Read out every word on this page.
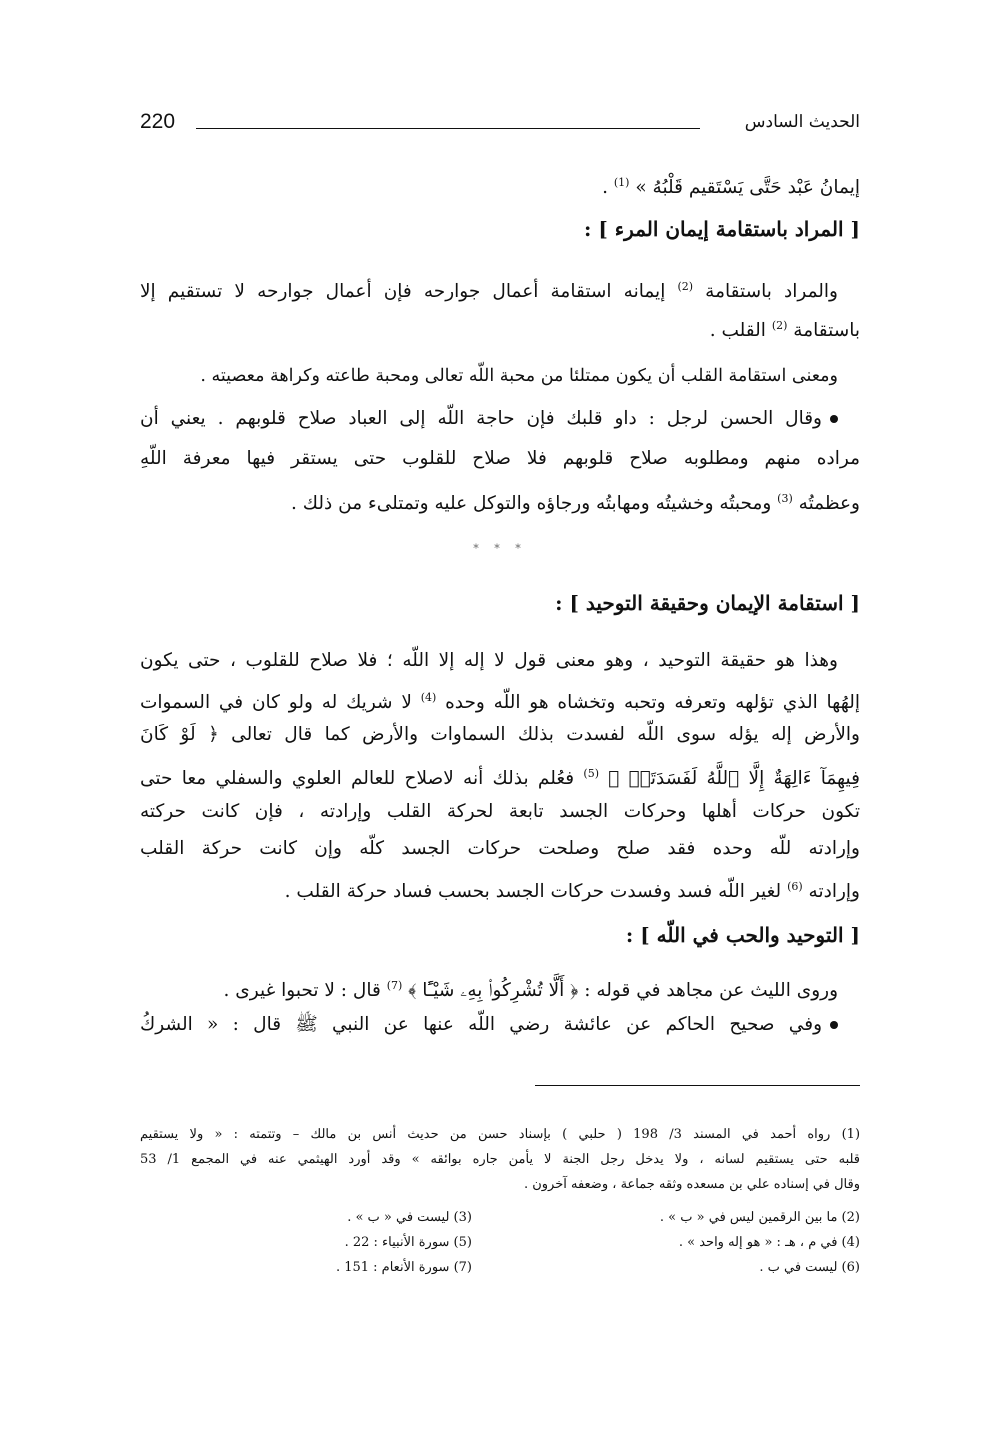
220	الحديث السادس
إيمانُ عَبْد حَتَّى يَسْتَقيم قَلْبُهُ » $^{(1)}$ .
[ المراد باستقامة إيمان المرء ] :
والمراد باستقامة $^{(2)}$ إيمانه استقامة أعمال جوارحه فإن أعمال جوارحه لا تستقيم إلا
باستقامة $^{(2)}$ القلب .
ومعنى استقامة القلب أن يكون ممتلئا من محبة اللّه تعالى ومحبة طاعته وكراهة معصيته .
وقال الحسن لرجل : داو قلبك فإن حاجة اللّه إلى العباد صلاح قلوبهم . يعني أن
مراده منهم ومطلوبه صلاح قلوبهم فلا صلاح للقلوب حتى يستقر فيها معرفة اللّهِ
وعظمتُه $^{(3)}$ ومحبتُه وخشيتُه ومهابتُه ورجاؤه والتوكل عليه وتمتلىء من ذلك .
* * *
[ استقامة الإيمان وحقيقة التوحيد ] :
وهذا هو حقيقة التوحيد ، وهو معنى قول لا إله إلا اللّه ؛ فلا صلاح للقلوب ، حتى يكون
إلهُها الذي تؤلهه وتعرفه وتحبه وتخشاه هو اللّه وحده $^{(4)}$ لا شريك له ولو كان في السموات
والأرض إله يؤله سوى اللّه لفسدت بذلك السماوات والأرض كما قال تعالى ﴿ لَوْ كَانَ
فِيهِمَآ ءَالِهَةٌ إِلَّا ٱللَّهُ لَفَسَدَتَاۚ ﴾ $^{(5)}$ فعُلم بذلك أنه لاصلاح للعالم العلوي والسفلي معا حتى
تكون حركات أهلها وحركات الجسد تابعة لحركة القلب وإرادته ، فإن كانت حركته
وإرادته للّه وحده فقد صلح وصلحت حركات الجسد كلّه وإن كانت حركة القلب
وإرادته $^{(6)}$ لغير اللّه فسد وفسدت حركات الجسد بحسب فساد حركة القلب .
[ التوحيد والحب في اللّه ] :
وروى الليث عن مجاهد في قوله : ﴿ أَلَّا تُشْرِكُوا۟ بِهِۦ شَيْـًٔا ﴾ $^{(7)}$ قال : لا تحبوا غيرى .
وفي صحيح الحاكم عن عائشة رضي اللّه عنها عن النبي ﷺ قال : « الشركُ
(1) رواه أحمد في المسند 3/ 198 ( حلبي ) بإسناد حسن من حديث أنس بن مالك – وتتمته : « ولا يستقيم
قلبه حتى يستقيم لسانه ، ولا يدخل رجل الجنة لا يأمن جاره بوائقه » وقد أورد الهيثمي عنه في المجمع 1/ 53
وقال في إسناده علي بن مسعده وثقه جماعة ، وضعفه آخرون .
(2) ما بين الرقمين ليس في « ب » .
(3) ليست في « ب » .
(4) في م ، هـ : « هو إله واحد » .
(5) سورة الأنبياء : 22 .
(6) ليست في ب .
(7) سورة الأنعام : 151 .
